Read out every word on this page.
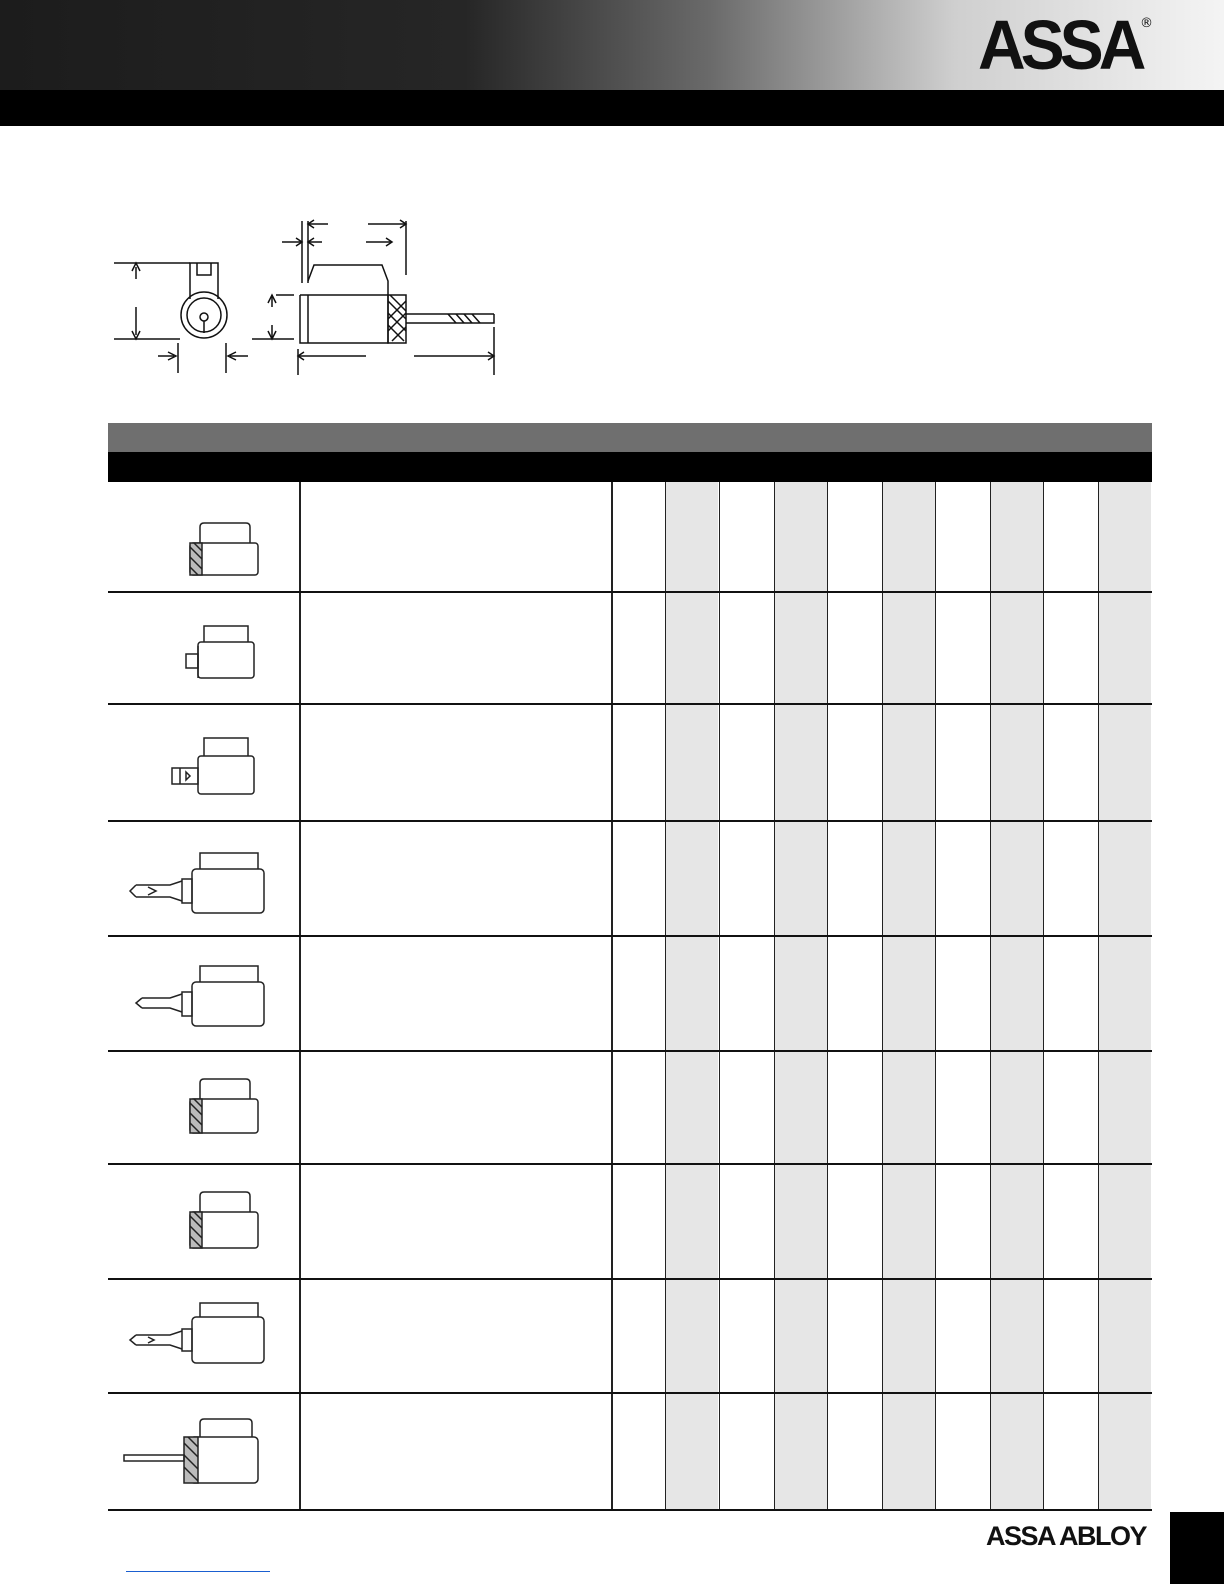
ASSA
®
ASSA ABLOY
